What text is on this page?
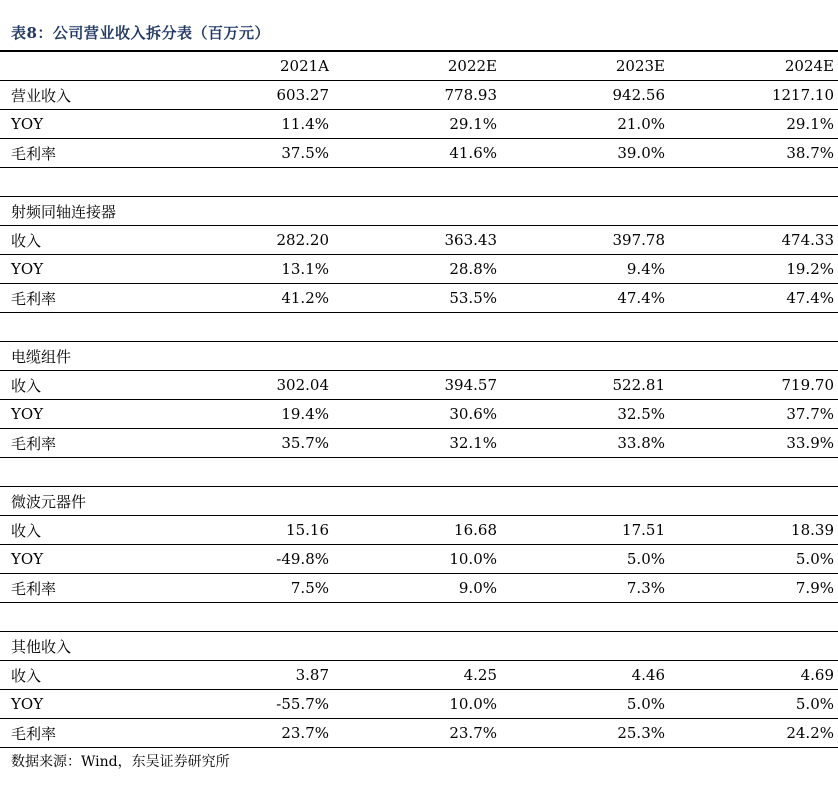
表8：公司营业收入拆分表（百万元）
	2021A	2022E	2023E	2024E
营业收入	603.27	778.93	942.56	1217.10
YOY	11.4%	29.1%	21.0%	29.1%
毛利率	37.5%	41.6%	39.0%	38.7%

射频同轴连接器				
收入	282.20	363.43	397.78	474.33
YOY	13.1%	28.8%	9.4%	19.2%
毛利率	41.2%	53.5%	47.4%	47.4%

电缆组件				
收入	302.04	394.57	522.81	719.70
YOY	19.4%	30.6%	32.5%	37.7%
毛利率	35.7%	32.1%	33.8%	33.9%

微波元器件				
收入	15.16	16.68	17.51	18.39
YOY	-49.8%	10.0%	5.0%	5.0%
毛利率	7.5%	9.0%	7.3%	7.9%

其他收入				
收入	3.87	4.25	4.46	4.69
YOY	-55.7%	10.0%	5.0%	5.0%
毛利率	23.7%	23.7%	25.3%	24.2%
数据来源：Wind，东吴证券研究所
